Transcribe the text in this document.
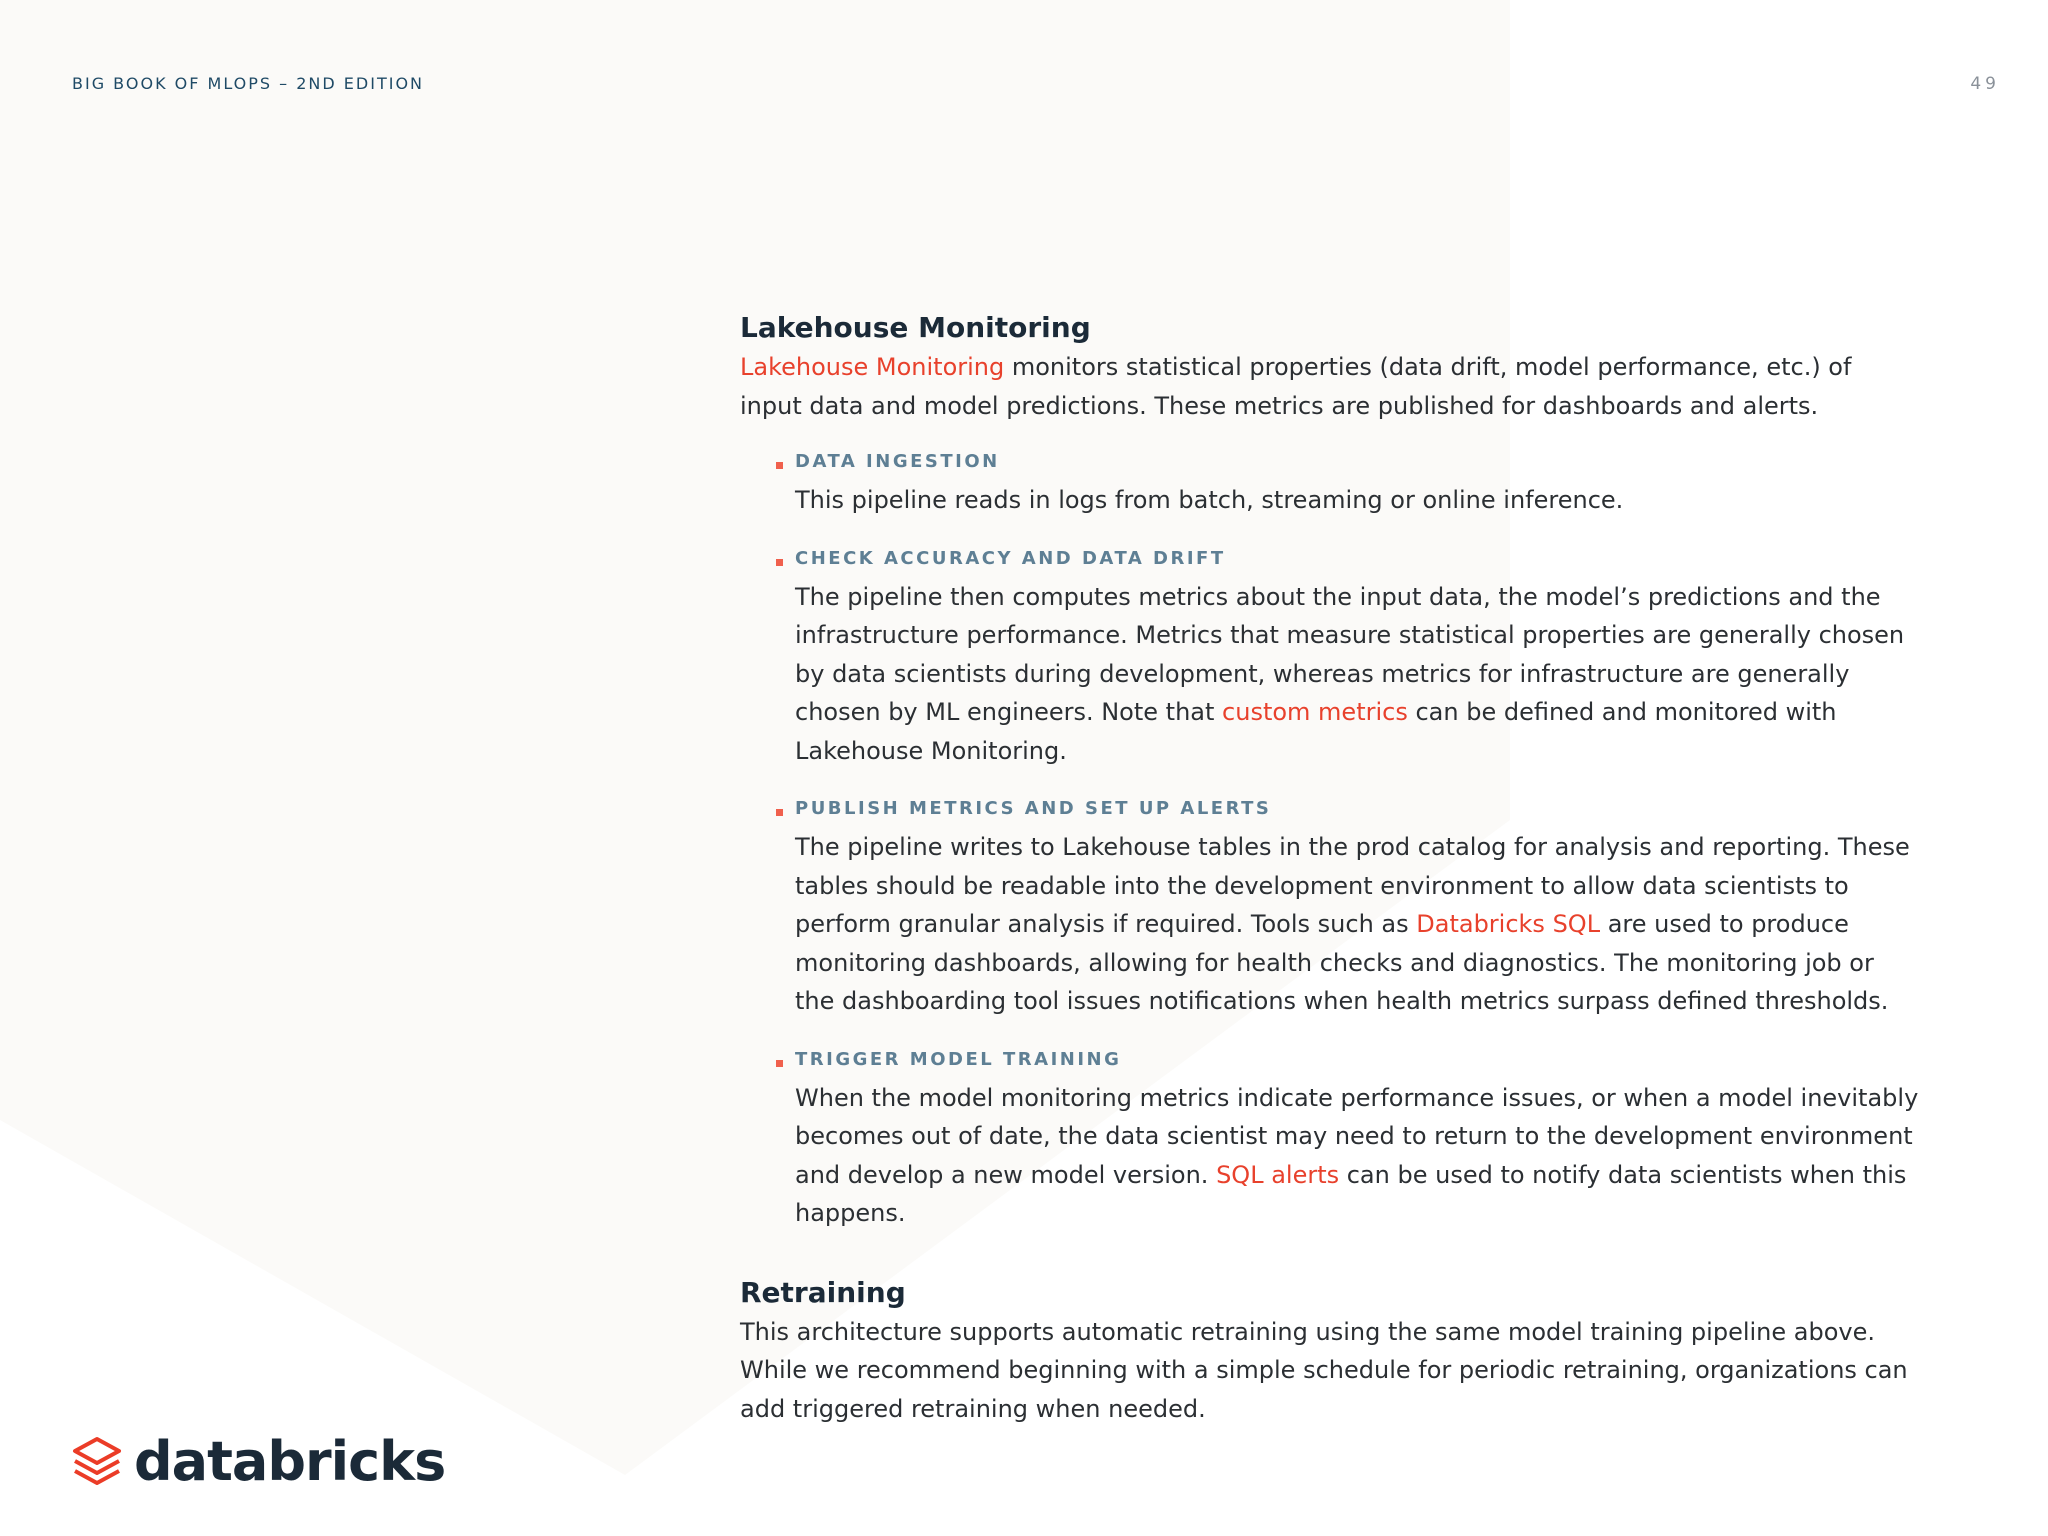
BIG BOOK OF MLOPS – 2ND EDITION	49
Lakehouse Monitoring

Lakehouse Monitoring monitors statistical properties (data drift, model performance, etc.) of input data and model predictions. These metrics are published for dashboards and alerts.

DATA INGESTION

This pipeline reads in logs from batch, streaming or online inference.

CHECK ACCURACY AND DATA DRIFT

The pipeline then computes metrics about the input data, the model’s predictions and the infrastructure performance. Metrics that measure statistical properties are generally chosen by data scientists during development, whereas metrics for infrastructure are generally chosen by ML engineers. Note that custom metrics can be defined and monitored with Lakehouse Monitoring.

PUBLISH METRICS AND SET UP ALERTS

The pipeline writes to Lakehouse tables in the prod catalog for analysis and reporting. These tables should be readable into the development environment to allow data scientists to perform granular analysis if required. Tools such as Databricks SQL are used to produce monitoring dashboards, allowing for health checks and diagnostics. The monitoring job or the dashboarding tool issues notifications when health metrics surpass defined thresholds.

TRIGGER MODEL TRAINING

When the model monitoring metrics indicate performance issues, or when a model inevitably becomes out of date, the data scientist may need to return to the development environment and develop a new model version. SQL alerts can be used to notify data scientists when this happens.

Retraining

This architecture supports automatic retraining using the same model training pipeline above. While we recommend beginning with a simple schedule for periodic retraining, organizations can add triggered retraining when needed.

databricks
